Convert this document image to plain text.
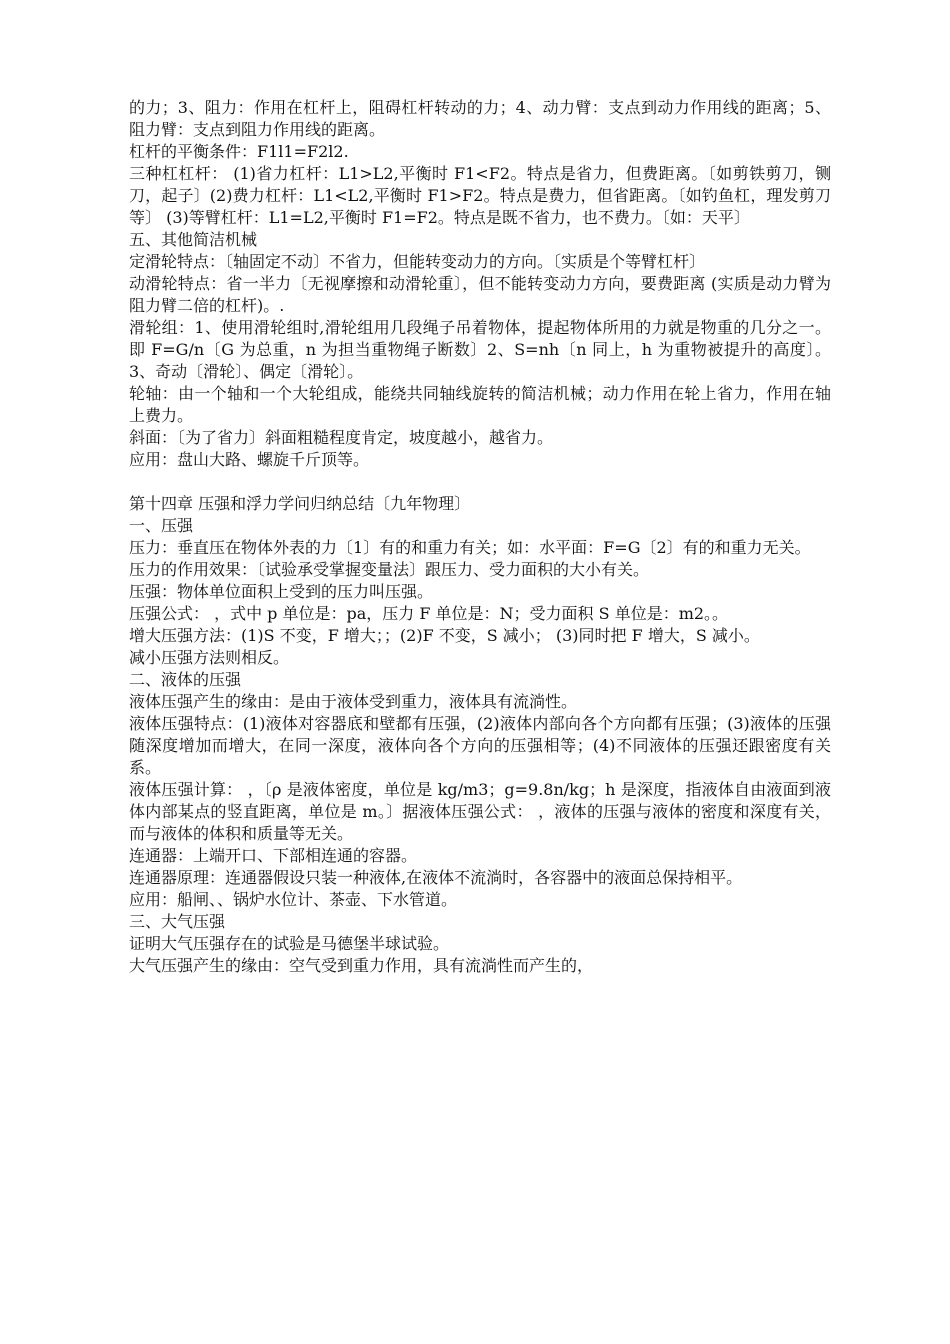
的力；3、阻力：作用在杠杆上，阻碍杠杆转动的力；4、动力臂：支点到动力作用线的距离；5、阻力臂：支点到阻力作用线的距离。

杠杆的平衡条件：F1l1=F2l2.

三种杠杠杆： (1)省力杠杆：L1>L2,平衡时 F1<F2。特点是省力，但费距离。〔如剪铁剪刀，铡刀，起子〕(2)费力杠杆：L1<L2,平衡时 F1>F2。特点是费力，但省距离。〔如钓鱼杠，理发剪刀等〕 (3)等臂杠杆：L1=L2,平衡时 F1=F2。特点是既不省力，也不费力。〔如：天平〕

五、其他简洁机械

定滑轮特点：〔轴固定不动〕不省力，但能转变动力的方向。〔实质是个等臂杠杆〕

动滑轮特点：省一半力〔无视摩擦和动滑轮重〕，但不能转变动力方向，要费距离 (实质是动力臂为阻力臂二倍的杠杆)。.

滑轮组：1、使用滑轮组时,滑轮组用几段绳子吊着物体，提起物体所用的力就是物重的几分之一。即 F=G/n〔G 为总重，n 为担当重物绳子断数〕2、S=nh〔n 同上，h 为重物被提升的高度〕。3、奇动〔滑轮〕、偶定〔滑轮〕。

轮轴：由一个轴和一个大轮组成，能绕共同轴线旋转的简洁机械；动力作用在轮上省力，作用在轴上费力。

斜面：〔为了省力〕斜面粗糙程度肯定，坡度越小，越省力。

应用：盘山大路、螺旋千斤顶等。

第十四章 压强和浮力学问归纳总结〔九年物理〕

一、压强

压力：垂直压在物体外表的力〔1〕有的和重力有关；如：水平面：F=G〔2〕有的和重力无关。

压力的作用效果：〔试验承受掌握变量法〕跟压力、受力面积的大小有关。

压强：物体单位面积上受到的压力叫压强。

压强公式： ，式中 p 单位是：pa，压力 F 单位是：N；受力面积 S 单位是：m2。。

增大压强方法：(1)S 不变，F 增大；；(2)F 不变，S 减小； (3)同时把 F 增大，S 减小。

减小压强方法则相反。

二、液体的压强

液体压强产生的缘由：是由于液体受到重力，液体具有流淌性。

液体压强特点：(1)液体对容器底和壁都有压强，(2)液体内部向各个方向都有压强；(3)液体的压强随深度增加而增大，在同一深度，液体向各个方向的压强相等；(4)不同液体的压强还跟密度有关系。

液体压强计算： ，〔ρ 是液体密度，单位是 kg/m3；g=9.8n/kg；h 是深度，指液体自由液面到液体内部某点的竖直距离，单位是 m。〕据液体压强公式： ，液体的压强与液体的密度和深度有关，而与液体的体积和质量等无关。

连通器：上端开口、下部相连通的容器。

连通器原理：连通器假设只装一种液体,在液体不流淌时，各容器中的液面总保持相平。

应用：船闸、、锅炉水位计、茶壶、下水管道。

三、大气压强

证明大气压强存在的试验是马德堡半球试验。

大气压强产生的缘由：空气受到重力作用，具有流淌性而产生的，
